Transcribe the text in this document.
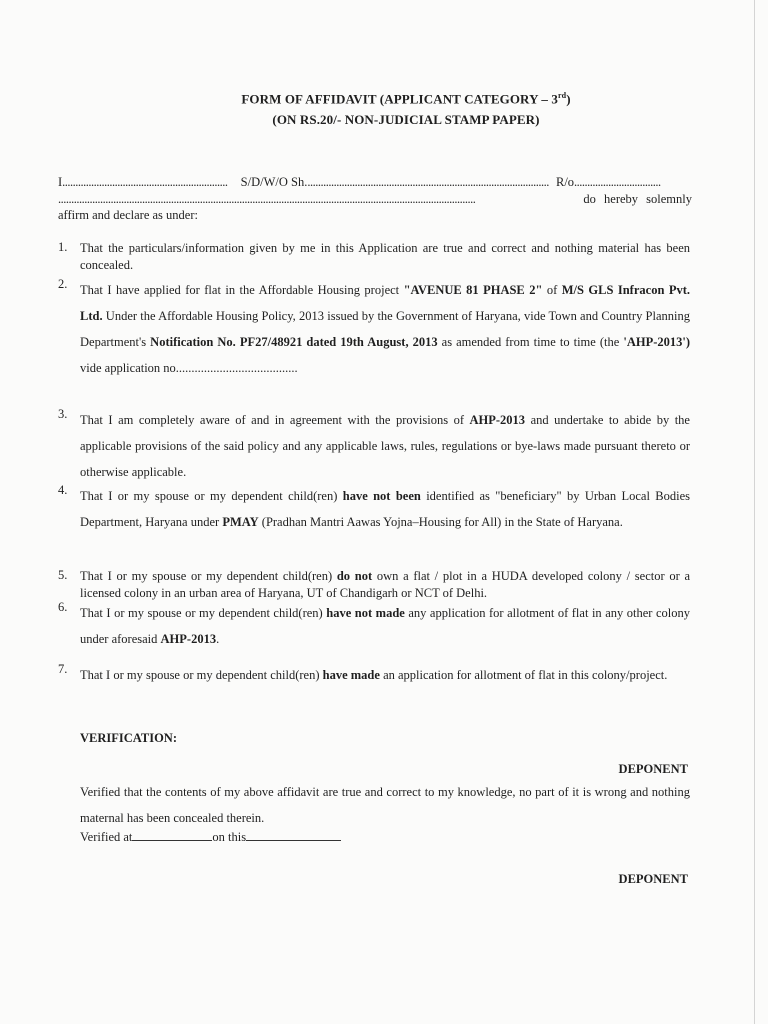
FORM OF AFFIDAVIT (APPLICANT CATEGORY – 3rd)
(ON RS.20/- NON-JUDICIAL STAMP PAPER)
I............................................................... S/D/W/O Sh............................................................................................. R/o.................................
...............................................................................................................................................................	do hereby solemnly
affirm and declare as under:
1.	That the particulars/information given by me in this Application are true and correct and nothing material has been concealed.
2.	That I have applied for flat in the Affordable Housing project "AVENUE 81 PHASE 2" of M/S GLS Infracon Pvt. Ltd. Under the Affordable Housing Policy, 2013 issued by the Government of Haryana, vide Town and Country Planning Department's Notification No. PF27/48921 dated 19th August, 2013 as amended from time to time (the 'AHP-2013') vide application no.......................................
3.	That I am completely aware of and in agreement with the provisions of AHP-2013 and undertake to abide by the applicable provisions of the said policy and any applicable laws, rules, regulations or bye-laws made pursuant thereto or otherwise applicable.
4.	That I or my spouse or my dependent child(ren) have not been identified as "beneficiary" by Urban Local Bodies Department, Haryana under PMAY (Pradhan Mantri Aawas Yojna–Housing for All) in the State of Haryana.
5.	That I or my spouse or my dependent child(ren) do not own a flat / plot in a HUDA developed colony / sector or a licensed colony in an urban area of Haryana, UT of Chandigarh or NCT of Delhi.
6.	That I or my spouse or my dependent child(ren) have not made any application for allotment of flat in any other colony under aforesaid AHP-2013.
7.	That I or my spouse or my dependent child(ren) have made an application for allotment of flat in this colony/project.
VERIFICATION:
DEPONENT
Verified that the contents of my above affidavit are true and correct to my knowledge, no part of it is wrong and nothing maternal has been concealed therein.
Verified at	on this
DEPONENT
